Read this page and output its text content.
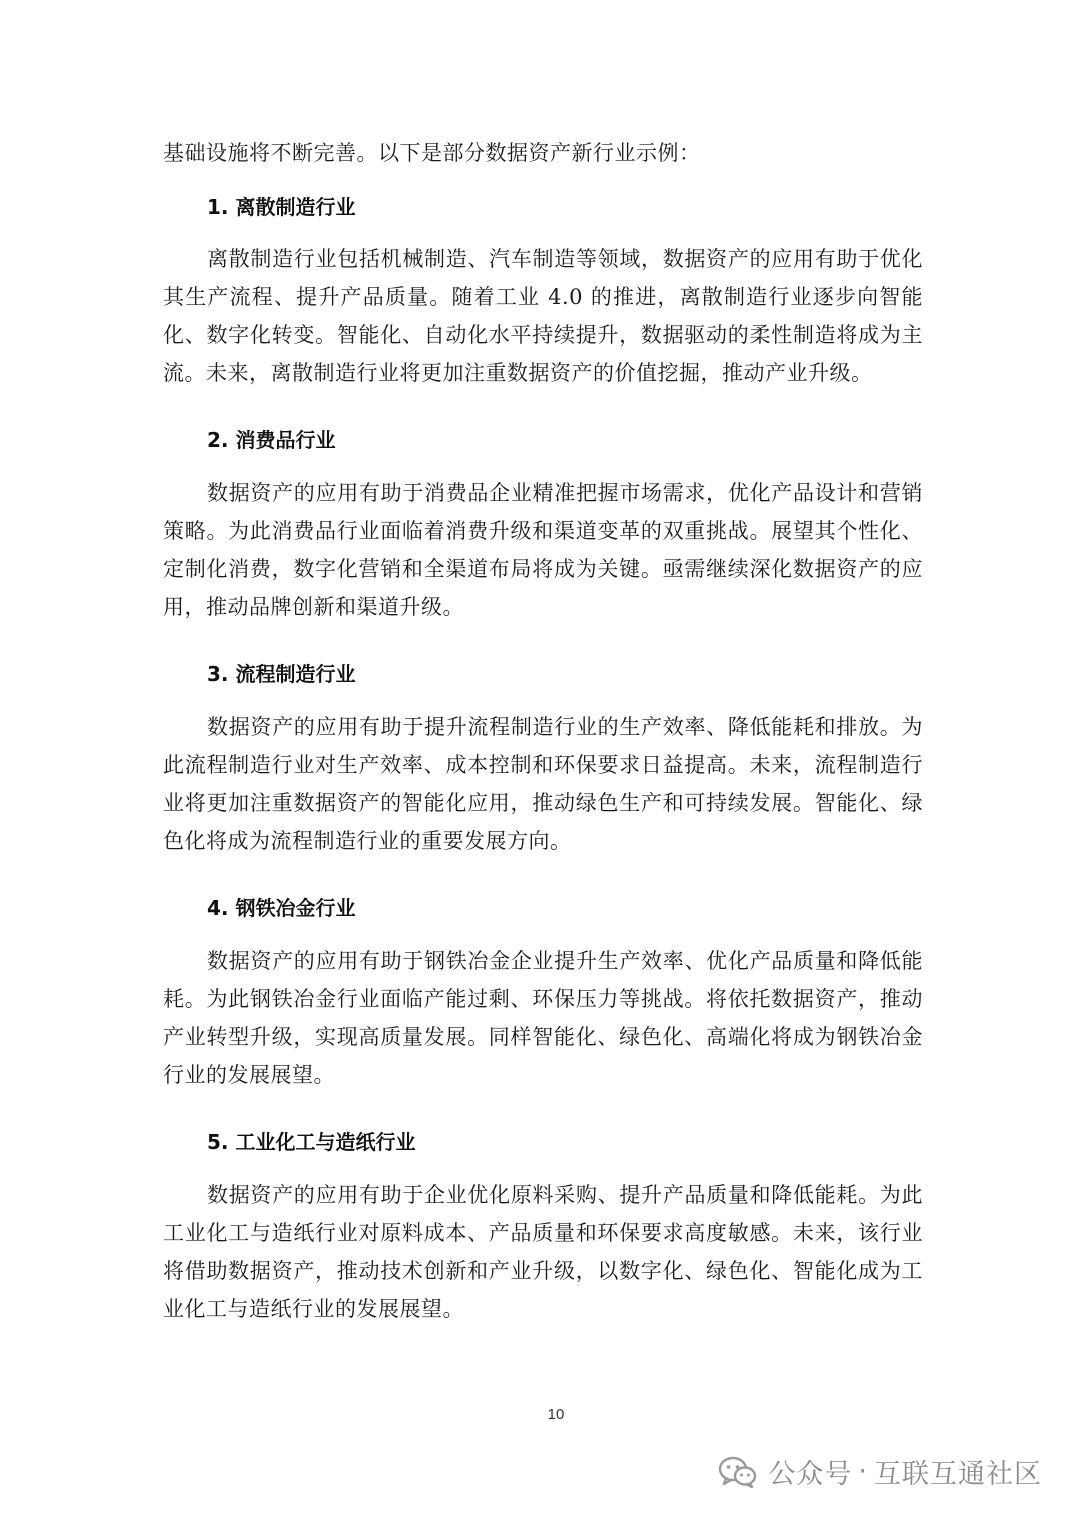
基础设施将不断完善。以下是部分数据资产新行业示例：

1. 离散制造行业

离散制造行业包括机械制造、汽车制造等领域，数据资产的应用有助于优化其生产流程、提升产品质量。随着工业 4.0 的推进，离散制造行业逐步向智能化、数字化转变。智能化、自动化水平持续提升，数据驱动的柔性制造将成为主流。未来，离散制造行业将更加注重数据资产的价值挖掘，推动产业升级。

2. 消费品行业

数据资产的应用有助于消费品企业精准把握市场需求，优化产品设计和营销策略。为此消费品行业面临着消费升级和渠道变革的双重挑战。展望其个性化、定制化消费，数字化营销和全渠道布局将成为关键。亟需继续深化数据资产的应用，推动品牌创新和渠道升级。

3. 流程制造行业

数据资产的应用有助于提升流程制造行业的生产效率、降低能耗和排放。为此流程制造行业对生产效率、成本控制和环保要求日益提高。未来，流程制造行业将更加注重数据资产的智能化应用，推动绿色生产和可持续发展。智能化、绿色化将成为流程制造行业的重要发展方向。

4. 钢铁冶金行业

数据资产的应用有助于钢铁冶金企业提升生产效率、优化产品质量和降低能耗。为此钢铁冶金行业面临产能过剩、环保压力等挑战。将依托数据资产，推动产业转型升级，实现高质量发展。同样智能化、绿色化、高端化将成为钢铁冶金行业的发展展望。

5. 工业化工与造纸行业

数据资产的应用有助于企业优化原料采购、提升产品质量和降低能耗。为此工业化工与造纸行业对原料成本、产品质量和环保要求高度敏感。未来，该行业将借助数据资产，推动技术创新和产业升级，以数字化、绿色化、智能化成为工业化工与造纸行业的发展展望。

10

公众号 · 互联互通社区
